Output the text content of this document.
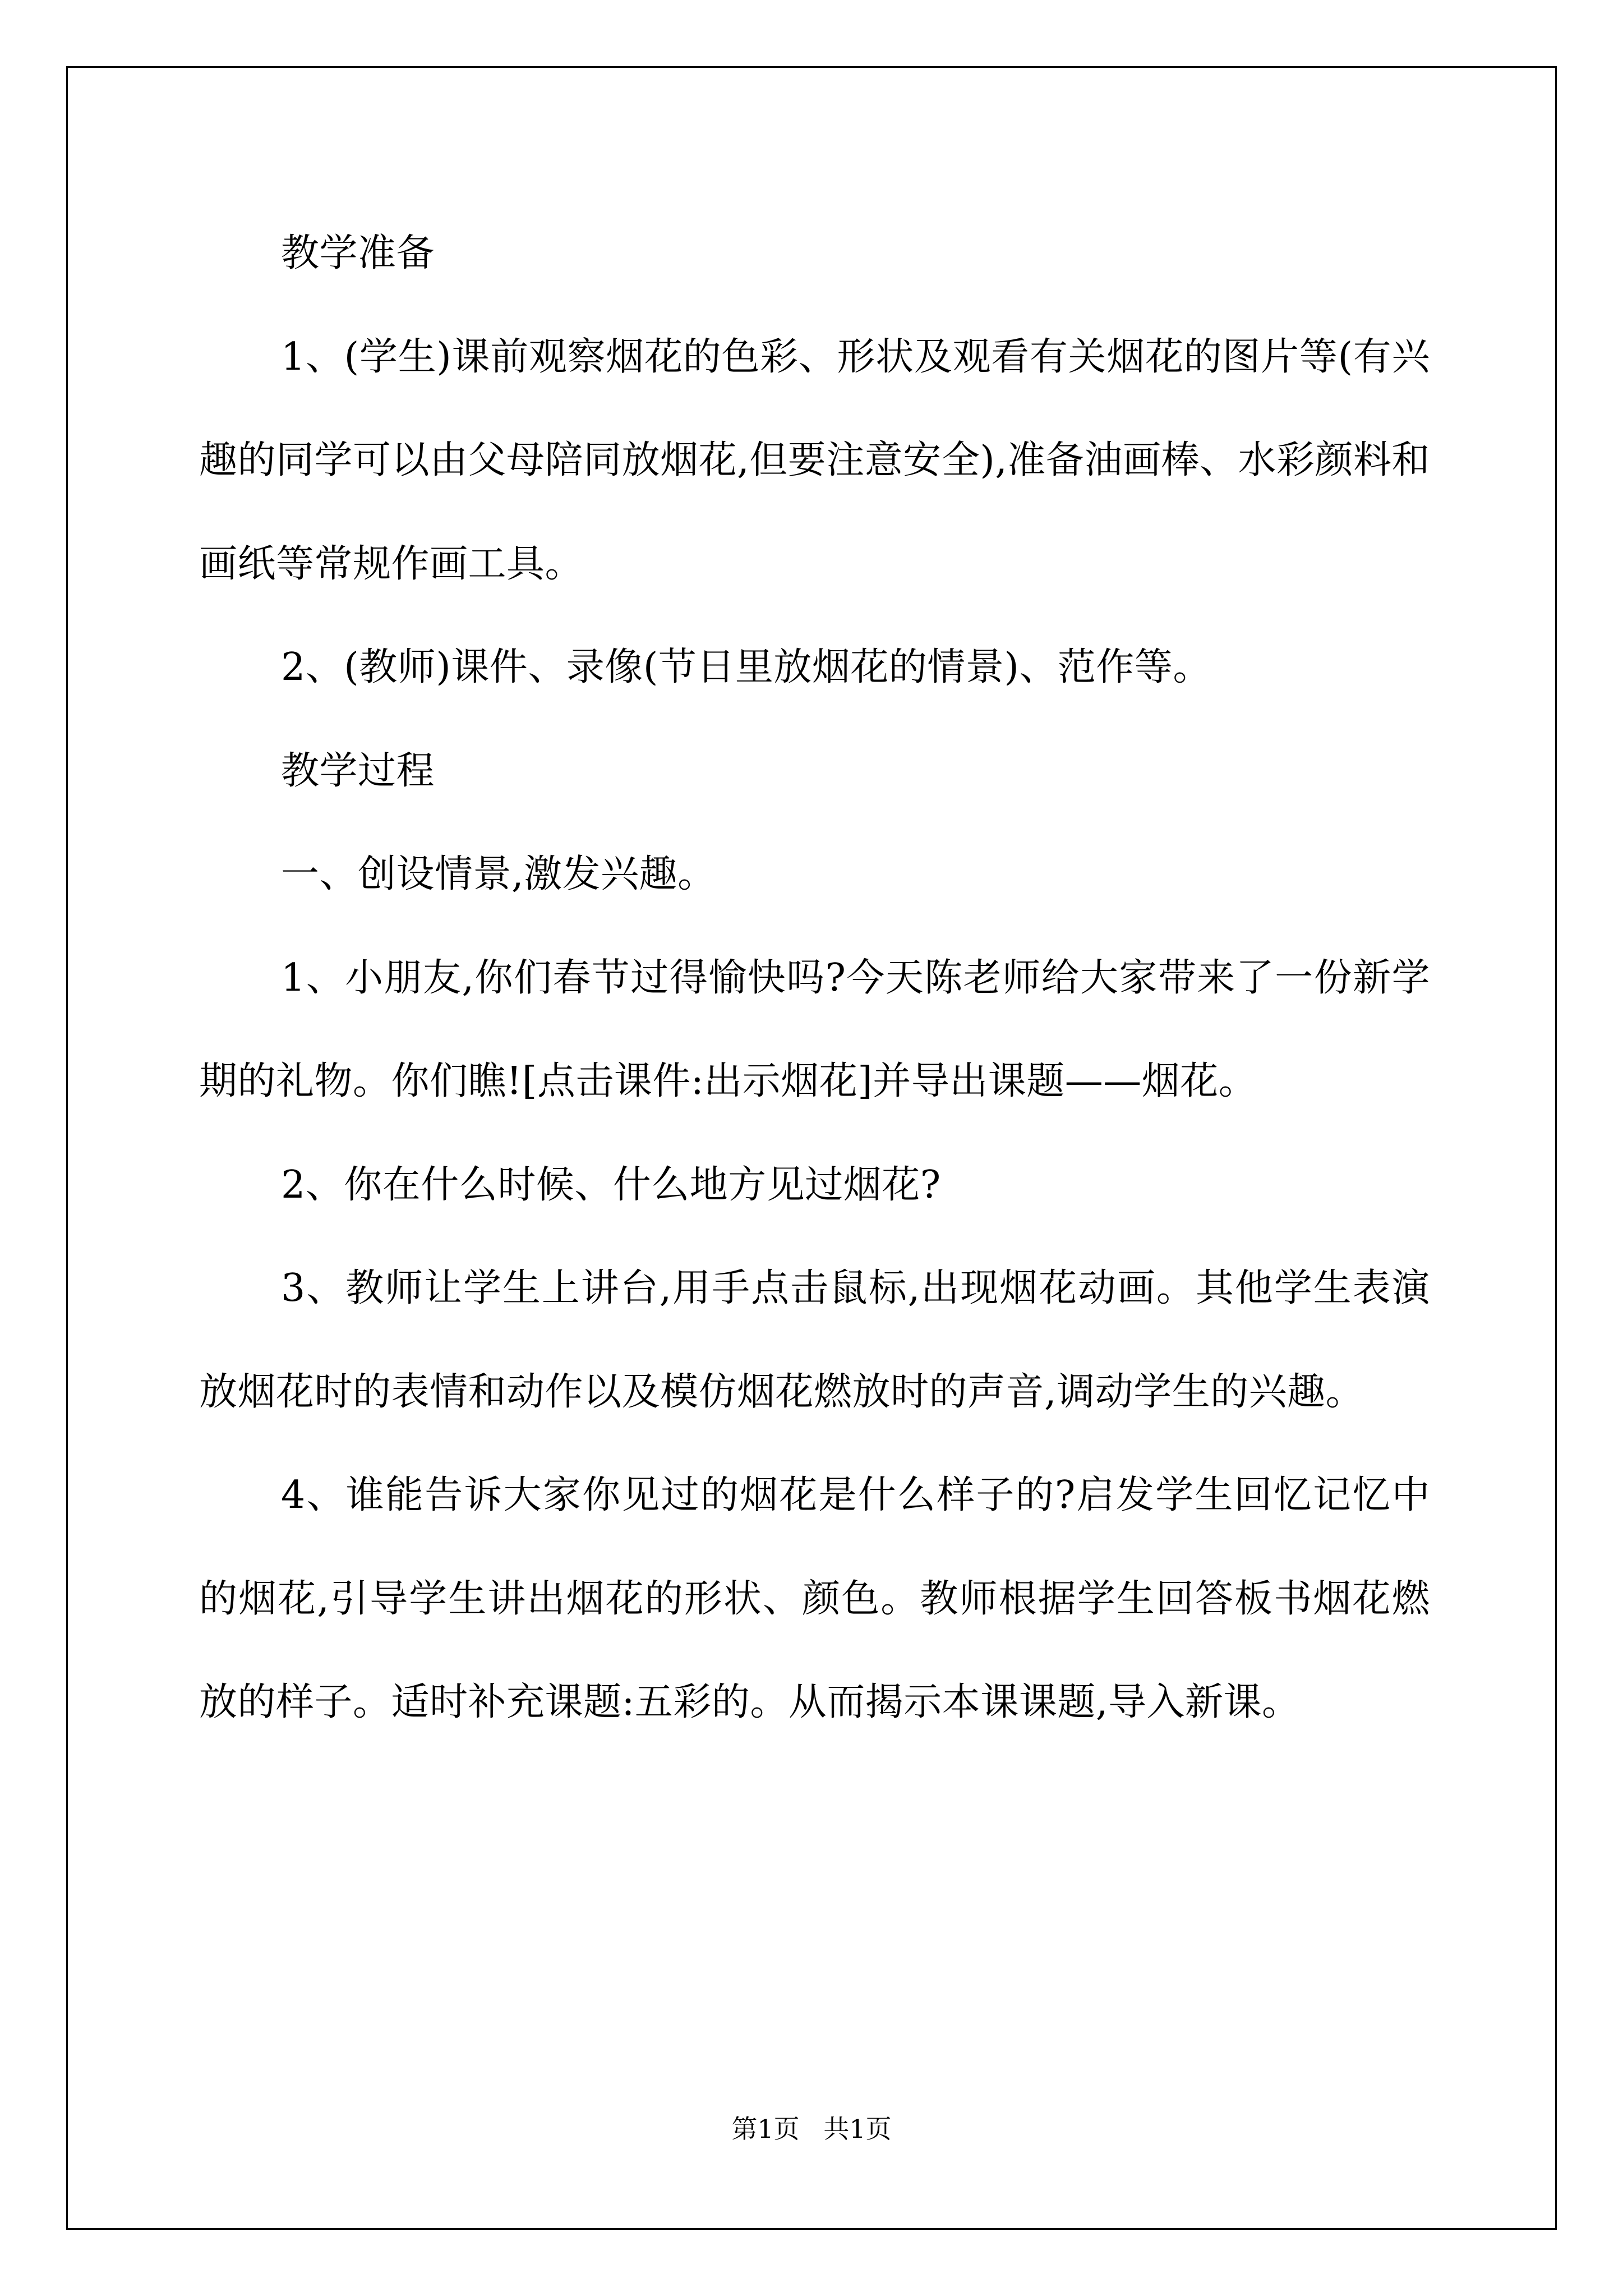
教学准备

1、(学生)课前观察烟花的色彩、形状及观看有关烟花的图片等(有兴趣的同学可以由父母陪同放烟花,但要注意安全),准备油画棒、水彩颜料和画纸等常规作画工具。

2、(教师)课件、录像(节日里放烟花的情景)、范作等。

教学过程

一、创设情景,激发兴趣。

1、小朋友,你们春节过得愉快吗?今天陈老师给大家带来了一份新学期的礼物。你们瞧![点击课件:出示烟花]并导出课题——烟花。

2、你在什么时候、什么地方见过烟花?

3、教师让学生上讲台,用手点击鼠标,出现烟花动画。其他学生表演放烟花时的表情和动作以及模仿烟花燃放时的声音,调动学生的兴趣。

4、谁能告诉大家你见过的烟花是什么样子的?启发学生回忆记忆中的烟花,引导学生讲出烟花的形状、颜色。教师根据学生回答板书烟花燃放的样子。适时补充课题:五彩的。从而揭示本课课题,导入新课。

第1页 共1页
